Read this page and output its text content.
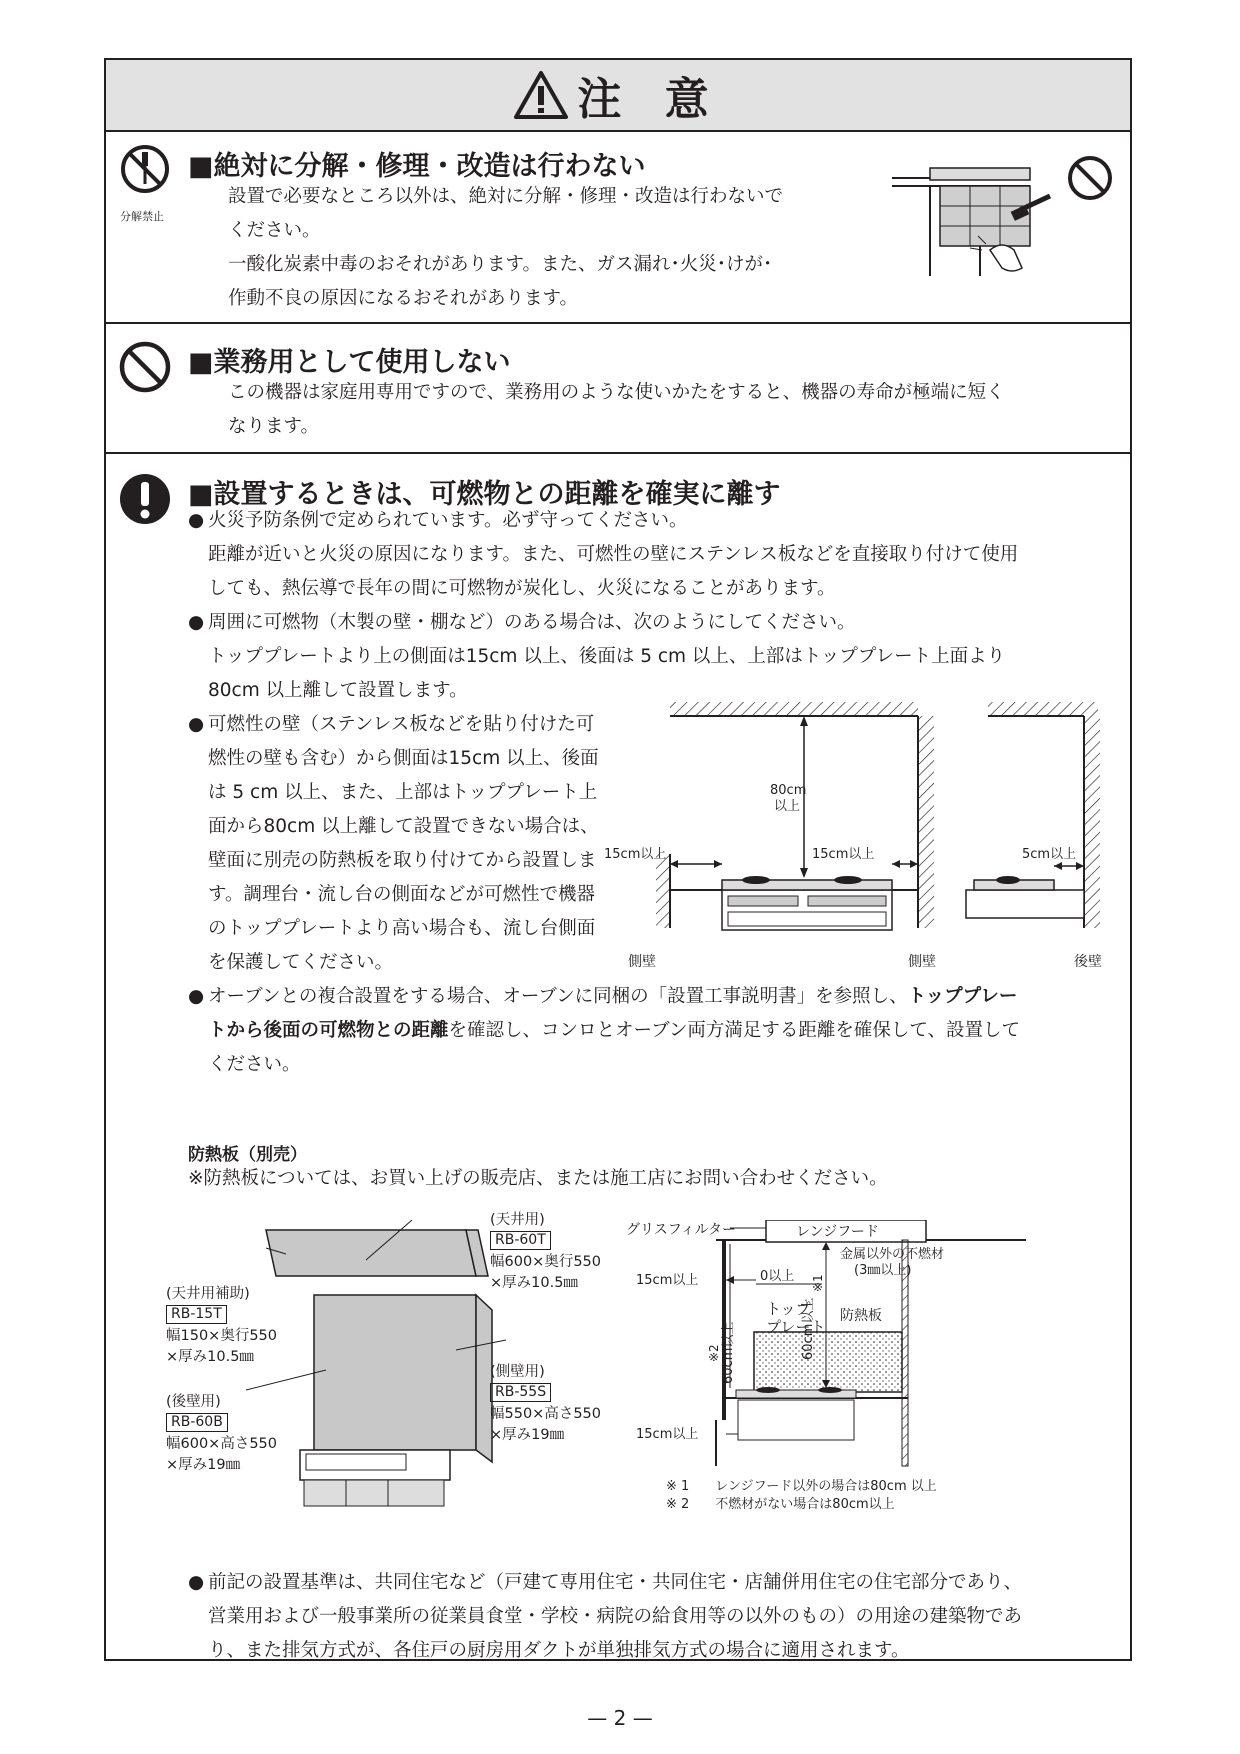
注 意
分解禁止
■絶対に分解・修理・改造は行わない
設置で必要なところ以外は、絶対に分解・修理・改造は行わないで
ください。
一酸化炭素中毒のおそれがあります。また、ガス漏れ･火災･けが･
作動不良の原因になるおそれがあります。
■業務用として使用しない
この機器は家庭用専用ですので、業務用のような使いかたをすると、機器の寿命が極端に短く
なります。
■設置するときは、可燃物との距離を確実に離す
● 火災予防条例で定められています。必ず守ってください。
距離が近いと火災の原因になります。また、可燃性の壁にステンレス板などを直接取り付けて使用
しても、熱伝導で長年の間に可燃物が炭化し、火災になることがあります。
● 周囲に可燃物（木製の壁・棚など）のある場合は、次のようにしてください。
トッププレートより上の側面は15cm 以上、後面は 5 cm 以上、上部はトッププレート上面より
80cm 以上離して設置します。
● 可燃性の壁（ステンレス板などを貼り付けた可
燃性の壁も含む）から側面は15cm 以上、後面
は 5 cm 以上、また、上部はトッププレート上
面から80cm 以上離して設置できない場合は、
壁面に別売の防熱板を取り付けてから設置しま
す。調理台・流し台の側面などが可燃性で機器
のトッププレートより高い場合も、流し台側面
を保護してください。
80cm
以上
15cm以上	15cm以上
側壁	側壁
5cm以上
後壁
● オーブンとの複合設置をする場合、オーブンに同梱の「設置工事説明書」を参照し、トッププレー
トから後面の可燃物との距離を確認し、コンロとオーブン両方満足する距離を確保して、設置して
ください。
防熱板（別売）
※防熱板については、お買い上げの販売店、または施工店にお問い合わせください。
(天井用)
RB-60T
幅600×奥行550
×厚み10.5㎜
(天井用補助)
RB-15T
幅150×奥行550
×厚み10.5㎜
(側壁用)
RB-55S
幅550×高さ550
×厚み19㎜
(後壁用)
RB-60B
幅600×高さ550
×厚み19㎜
レンジフード
グリスフィルター
15cm以上
15cm以上
0以上
金属以外の不燃材
(3㎜以上)
トップ
プレート
防熱板
60cm以上
※1
※2 60cm以上
※ 1　　レンジフード以外の場合は80cm 以上
※ 2　　不燃材がない場合は80cm以上
● 前記の設置基準は、共同住宅など（戸建て専用住宅・共同住宅・店舗併用住宅の住宅部分であり、
営業用および一般事業所の従業員食堂・学校・病院の給食用等の以外のもの）の用途の建築物であ
り、また排気方式が、各住戸の厨房用ダクトが単独排気方式の場合に適用されます。
— 2 —
